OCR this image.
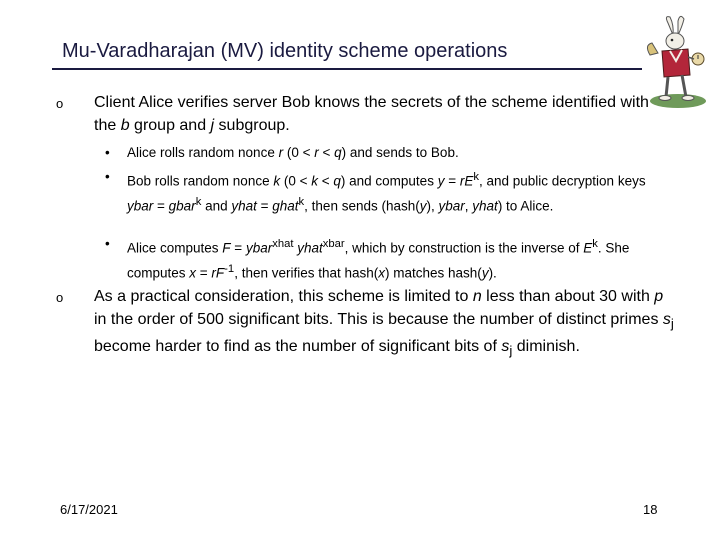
Mu-Varadharajan (MV) identity scheme operations
o Client Alice verifies server Bob knows the secrets of the scheme identified with the b group and j subgroup.
• Alice rolls random nonce r (0 < r < q) and sends to Bob.
• Bob rolls random nonce k (0 < k < q) and computes $y = rE^k$, and public decryption keys ybar = gbar$^k$ and yhat = ghat$^k$, then sends (hash(y), ybar, yhat) to Alice.
• Alice computes F = ybar$^{xhat}$ yhat$^{xbar}$, which by construction is the inverse of $E^k$. She computes $x = rF^{-1}$, then verifies that hash(x) matches hash(y).
o As a practical consideration, this scheme is limited to n less than about 30 with p in the order of 500 significant bits. This is because the number of distinct primes $s_j$ become harder to find as the number of significant bits of $s_j$ diminish.
6/17/2021	18
